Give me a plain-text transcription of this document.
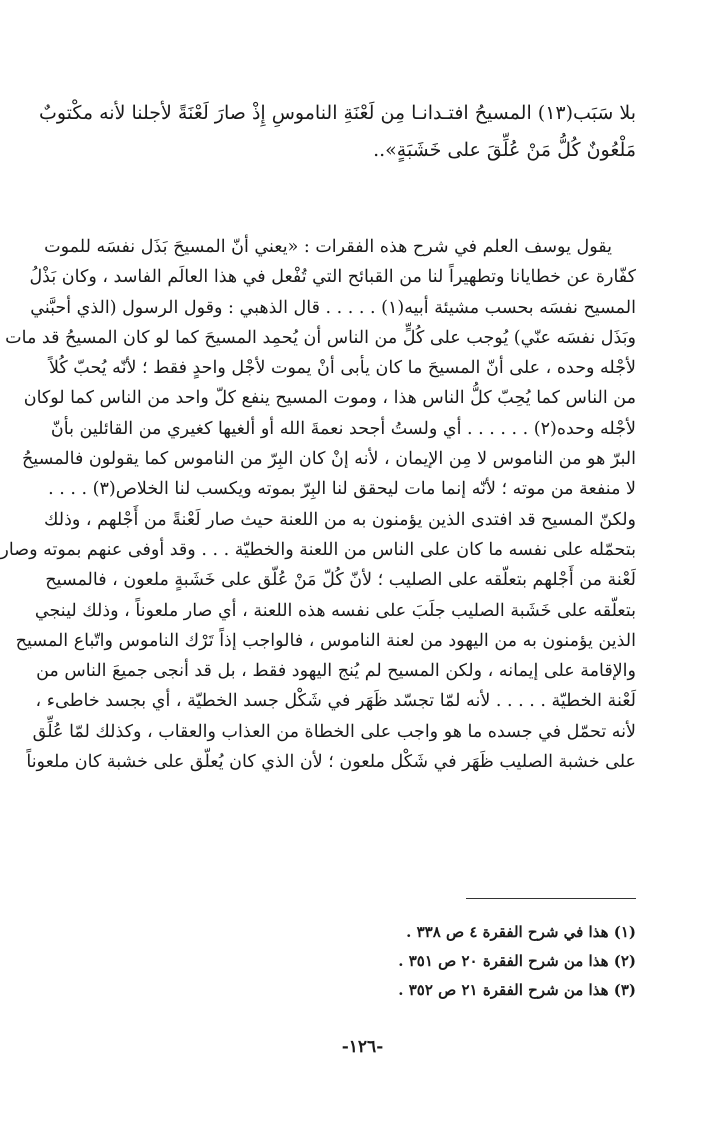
بلا سَبَب(١٣) المسيحُ افتـدانـا مِن لَعْنَةِ الناموسِ إِذْ صارَ لَعْنَةً لأجلنا لأنه مكْتوبٌ
مَلْعُونٌ كُلُّ مَنْ عُلِّقَ على خَشَبَةٍ»..
يقول يوسف العلم في شرح هذه الفقرات : «يعني أنّ المسيحَ بَذَل نفسَه للموت
كفّارة عن خطايانا وتطهيراً لنا من القبائح التي تُفْعل في هذا العالَم الفاسد ، وكان بَذْلُ
المسيح نفسَه بحسب مشيئة أبيه(١) . . . . . قال الذهبي : وقول الرسول (الذي أحبَّني
وبَذَل نفسَه عنّي) يُوجب على كُلٍّ من الناس أن يُحمِد المسيحَ كما لو كان المسيحُ قد مات
لأجْله وحده ، على أنّ المسيحَ ما كان يأبى أنْ يموت لأجْل واحدٍ فقط ؛ لأنّه يُحبّ كُلاً
من الناس كما يُحِبّ كلُّ الناس هذا ، وموت المسيح ينفع كلّ واحد من الناس كما لوكان
لأجْله وحده(٢) . . . . . . أي ولستُ أجحد نعمةَ الله أو ألغيها كغيري من القائلين بأنّ
البرّ هو من الناموس لا مِن الإيمان ، لأنه إنْ كان البِرّ من الناموس كما يقولون فالمسيحُ
لا منفعة من موته ؛ لأنّه إنما مات ليحقق لنا البِرّ بموته ويكسب لنا الخلاص(٣) . . . .
ولكنّ المسيح قد افتدى الذين يؤمنون به من اللعنة حيث صار لَعْنةً من أَجْلهم ، وذلك
بتحمّله على نفسه ما كان على الناس من اللعنة والخطيّة . . . وقد أوفى عنهم بموته وصار
لَعْنة من أَجْلهم بتعلّقه على الصليب ؛ لأنّ كُلّ مَنْ عُلّق على خَشَبةٍ ملعون ، فالمسيح
بتعلّقه على خَشَبة الصليب جلَبَ على نفسه هذه اللعنة ، أي صار ملعوناً ، وذلك لينجي
الذين يؤمنون به من اليهود من لعنة الناموس ، فالواجب إذاً تَرْك الناموس واتّباع المسيح
والإقامة على إيمانه ، ولكن المسيح لم يُنج اليهود فقط ، بل قد أنجى جميعَ الناس من
لَعْنة الخطيّة . . . . . لأنه لمّا تجسّد ظَهَر في شَكْل جسد الخطيّة ، أي بجسد خاطىء ،
لأنه تحمّل في جسده ما هو واجب على الخطاة من العذاب والعقاب ، وكذلك لمّا عُلِّق
على خشبة الصليب ظَهَر في شَكْل ملعون ؛ لأن الذي كان يُعلّق على خشبة كان ملعوناً
(١) هذا في شرح الفقرة ٤ ص ٣٣٨ .
(٢) هذا من شرح الفقرة ٢٠ ص ٣٥١ .
(٣) هذا من شرح الفقرة ٢١ ص ٣٥٢ .
-١٢٦-
